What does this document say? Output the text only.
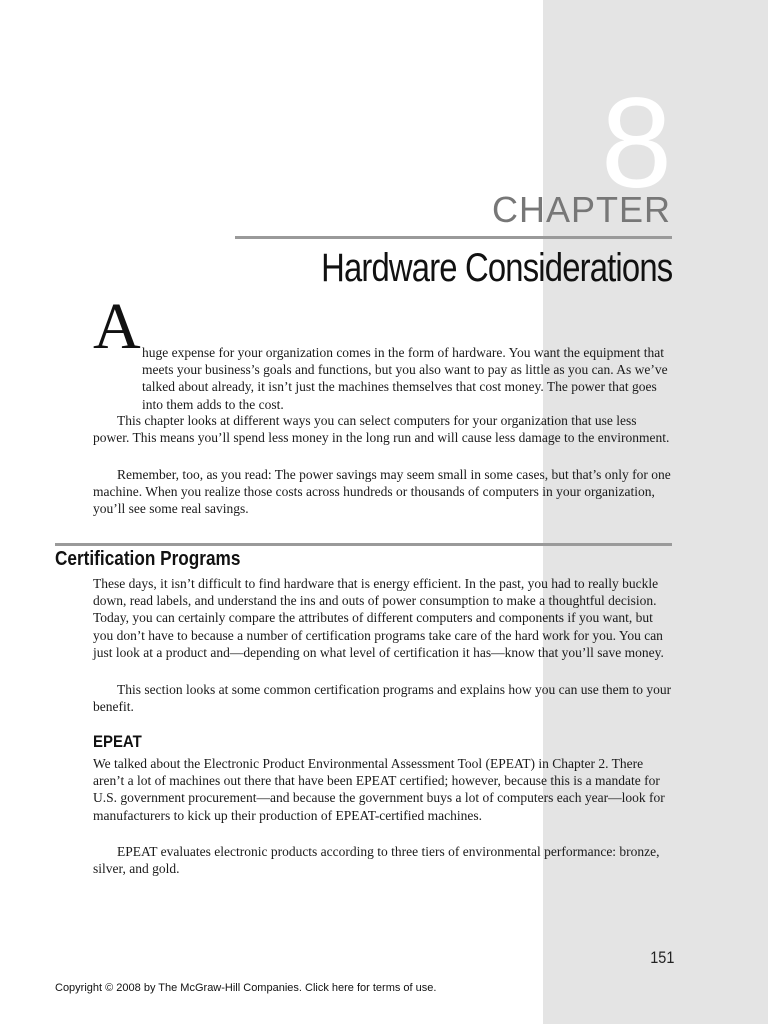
8
CHAPTER
Hardware Considerations
A huge expense for your organization comes in the form of hardware. You want the equipment that meets your business’s goals and functions, but you also want to pay as little as you can. As we’ve talked about already, it isn’t just the machines themselves that cost money. The power that goes into them adds to the cost.

This chapter looks at different ways you can select computers for your organization that use less power. This means you’ll spend less money in the long run and will cause less damage to the environment.

Remember, too, as you read: The power savings may seem small in some cases, but that’s only for one machine. When you realize those costs across hundreds or thousands of computers in your organization, you’ll see some real savings.

Certification Programs

These days, it isn’t difficult to find hardware that is energy efficient. In the past, you had to really buckle down, read labels, and understand the ins and outs of power consumption to make a thoughtful decision. Today, you can certainly compare the attributes of different computers and components if you want, but you don’t have to because a number of certification programs take care of the hard work for you. You can just look at a product and—depending on what level of certification it has—know that you’ll save money.

This section looks at some common certification programs and explains how you can use them to your benefit.

EPEAT

We talked about the Electronic Product Environmental Assessment Tool (EPEAT) in Chapter 2. There aren’t a lot of machines out there that have been EPEAT certified; however, because this is a mandate for U.S. government procurement—and because the government buys a lot of computers each year—look for manufacturers to kick up their production of EPEAT-certified machines.

EPEAT evaluates electronic products according to three tiers of environmental performance: bronze, silver, and gold.

151
Copyright © 2008 by The McGraw-Hill Companies. Click here for terms of use.
